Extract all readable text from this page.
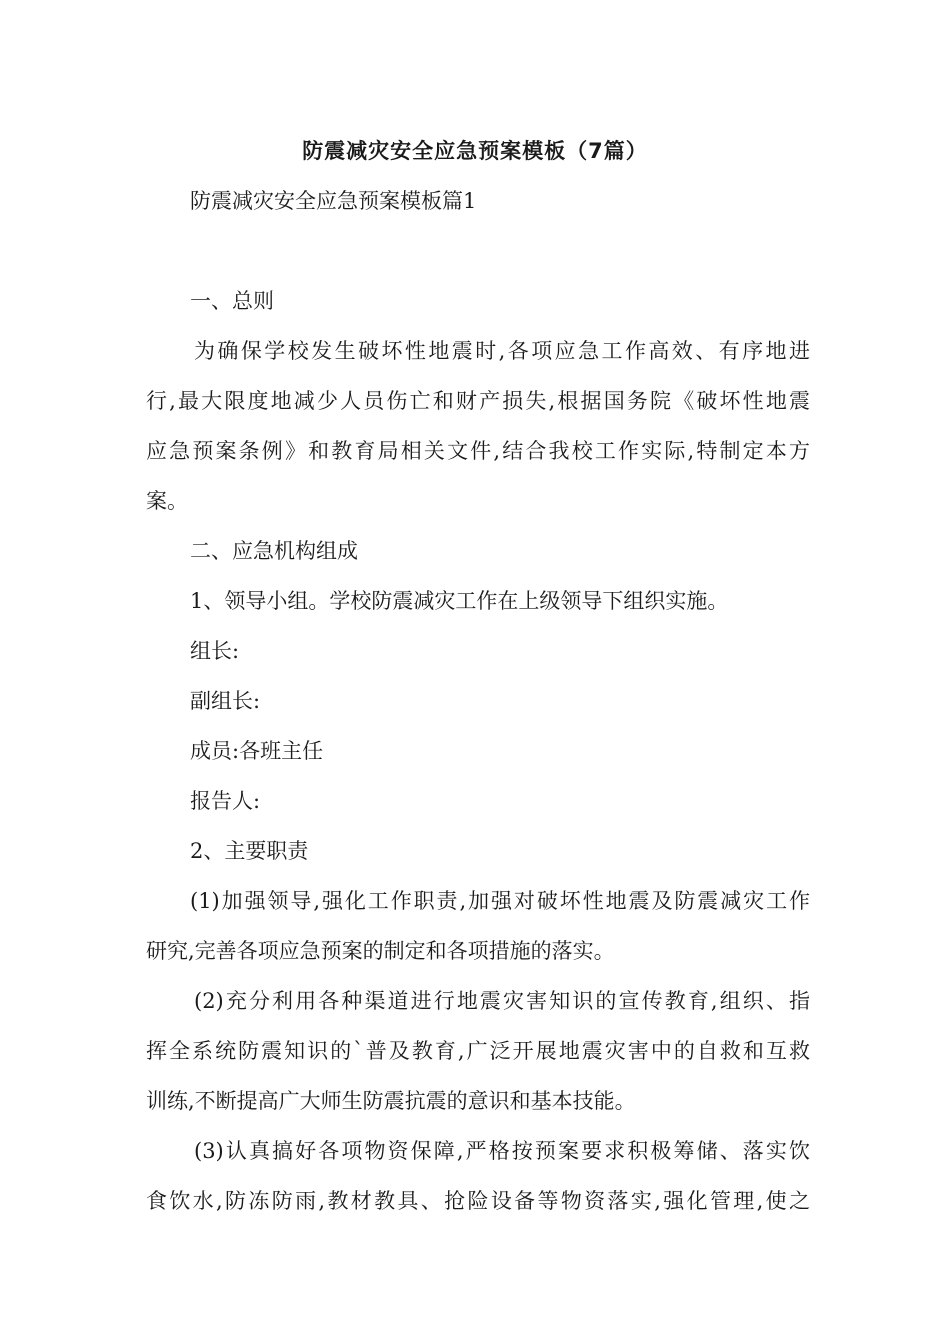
防震减灾安全应急预案模板（7篇）
防震减灾安全应急预案模板篇1
一、总则
为确保学校发生破坏性地震时,各项应急工作高效、有序地进
行,最大限度地减少人员伤亡和财产损失,根据国务院《破坏性地震
应急预案条例》和教育局相关文件,结合我校工作实际,特制定本方
案。
二、应急机构组成
1、领导小组。学校防震减灾工作在上级领导下组织实施。
组长:
副组长:
成员:各班主任
报告人:
2、主要职责
(1)加强领导,强化工作职责,加强对破坏性地震及防震减灾工作
研究,完善各项应急预案的制定和各项措施的落实。
(2)充分利用各种渠道进行地震灾害知识的宣传教育,组织、指
挥全系统防震知识的`普及教育,广泛开展地震灾害中的自救和互救
训练,不断提高广大师生防震抗震的意识和基本技能。
(3)认真搞好各项物资保障,严格按预案要求积极筹储、落实饮
食饮水,防冻防雨,教材教具、抢险设备等物资落实,强化管理,使之
